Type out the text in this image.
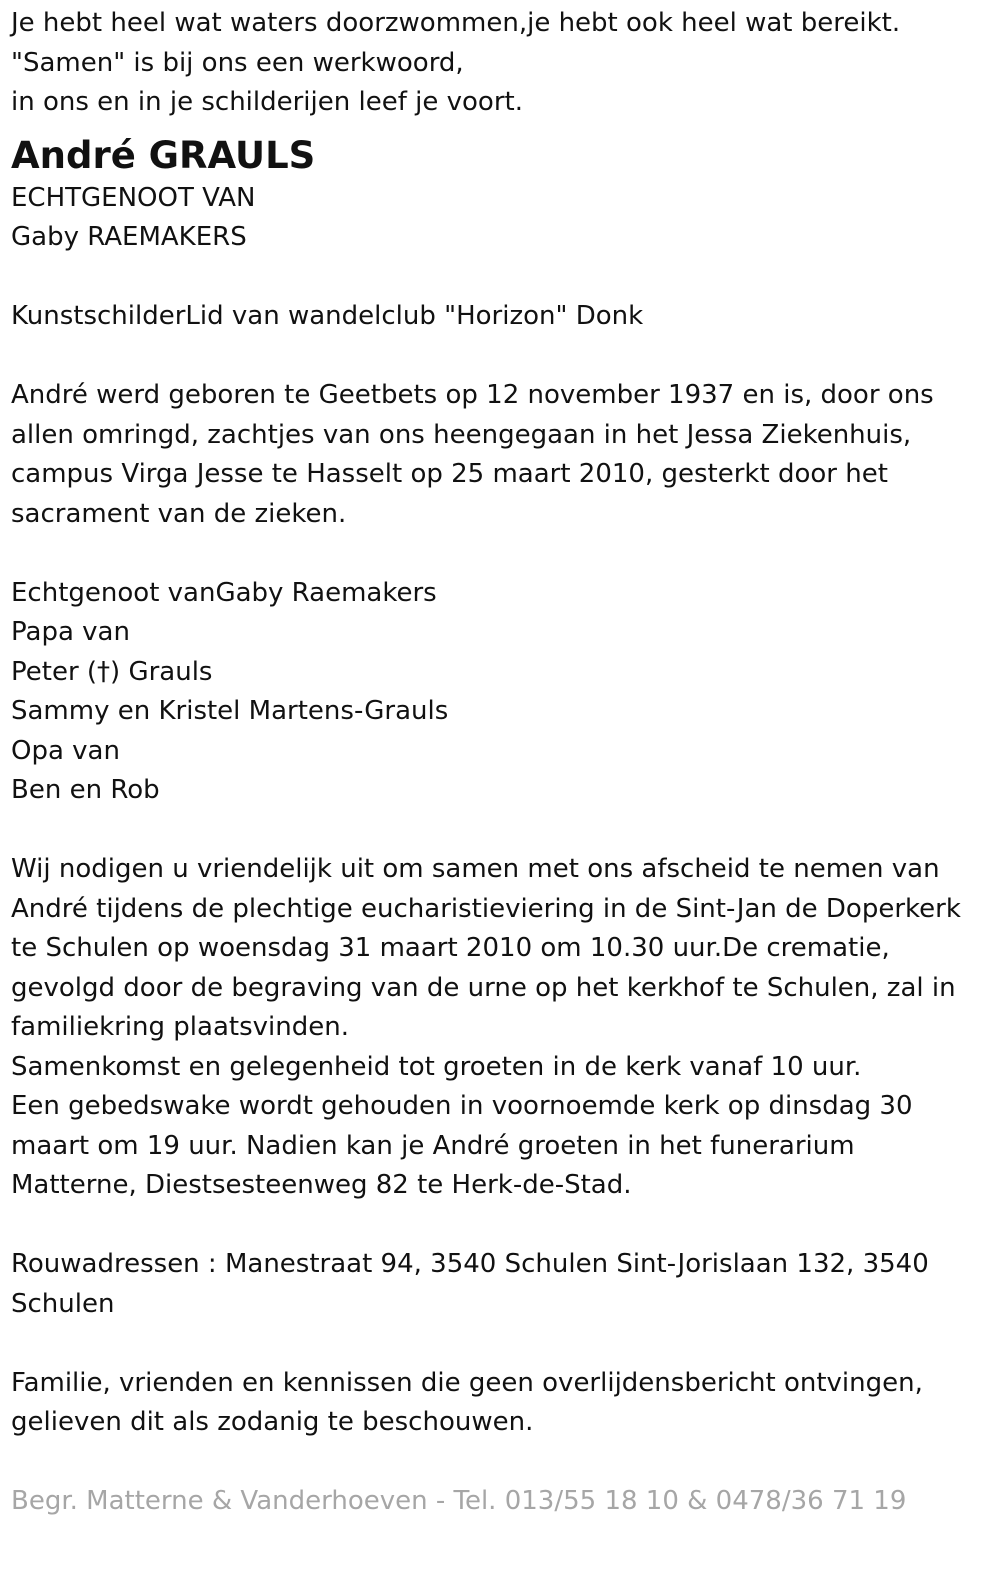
Je hebt heel wat waters doorzwommen,je hebt ook heel wat bereikt.

"Samen" is bij ons een werkwoord,

in ons en in je schilderijen leef je voort.

André GRAULS

ECHTGENOOT VAN

Gaby RAEMAKERS

KunstschilderLid van wandelclub "Horizon" Donk

André werd geboren te Geetbets op 12 november 1937 en is, door ons

allen omringd, zachtjes van ons heengegaan in het Jessa Ziekenhuis,

campus Virga Jesse te Hasselt op 25 maart 2010, gesterkt door het

sacrament van de zieken.

Echtgenoot vanGaby Raemakers

Papa van

Peter (†) Grauls

Sammy en Kristel Martens-Grauls

Opa van

Ben en Rob

Wij nodigen u vriendelijk uit om samen met ons afscheid te nemen van

André tijdens de plechtige eucharistieviering in de Sint-Jan de Doperkerk

te Schulen op woensdag 31 maart 2010 om 10.30 uur.De crematie,

gevolgd door de begraving van de urne op het kerkhof te Schulen, zal in

familiekring plaatsvinden.

Samenkomst en gelegenheid tot groeten in de kerk vanaf 10 uur.

Een gebedswake wordt gehouden in voornoemde kerk op dinsdag 30

maart om 19 uur. Nadien kan je André groeten in het funerarium

Matterne, Diestsesteenweg 82 te Herk-de-Stad.

Rouwadressen : Manestraat 94, 3540 Schulen Sint-Jorislaan 132, 3540

Schulen

Familie, vrienden en kennissen die geen overlijdensbericht ontvingen,

gelieven dit als zodanig te beschouwen.

Begr. Matterne & Vanderhoeven - Tel. 013/55 18 10 & 0478/36 71 19
